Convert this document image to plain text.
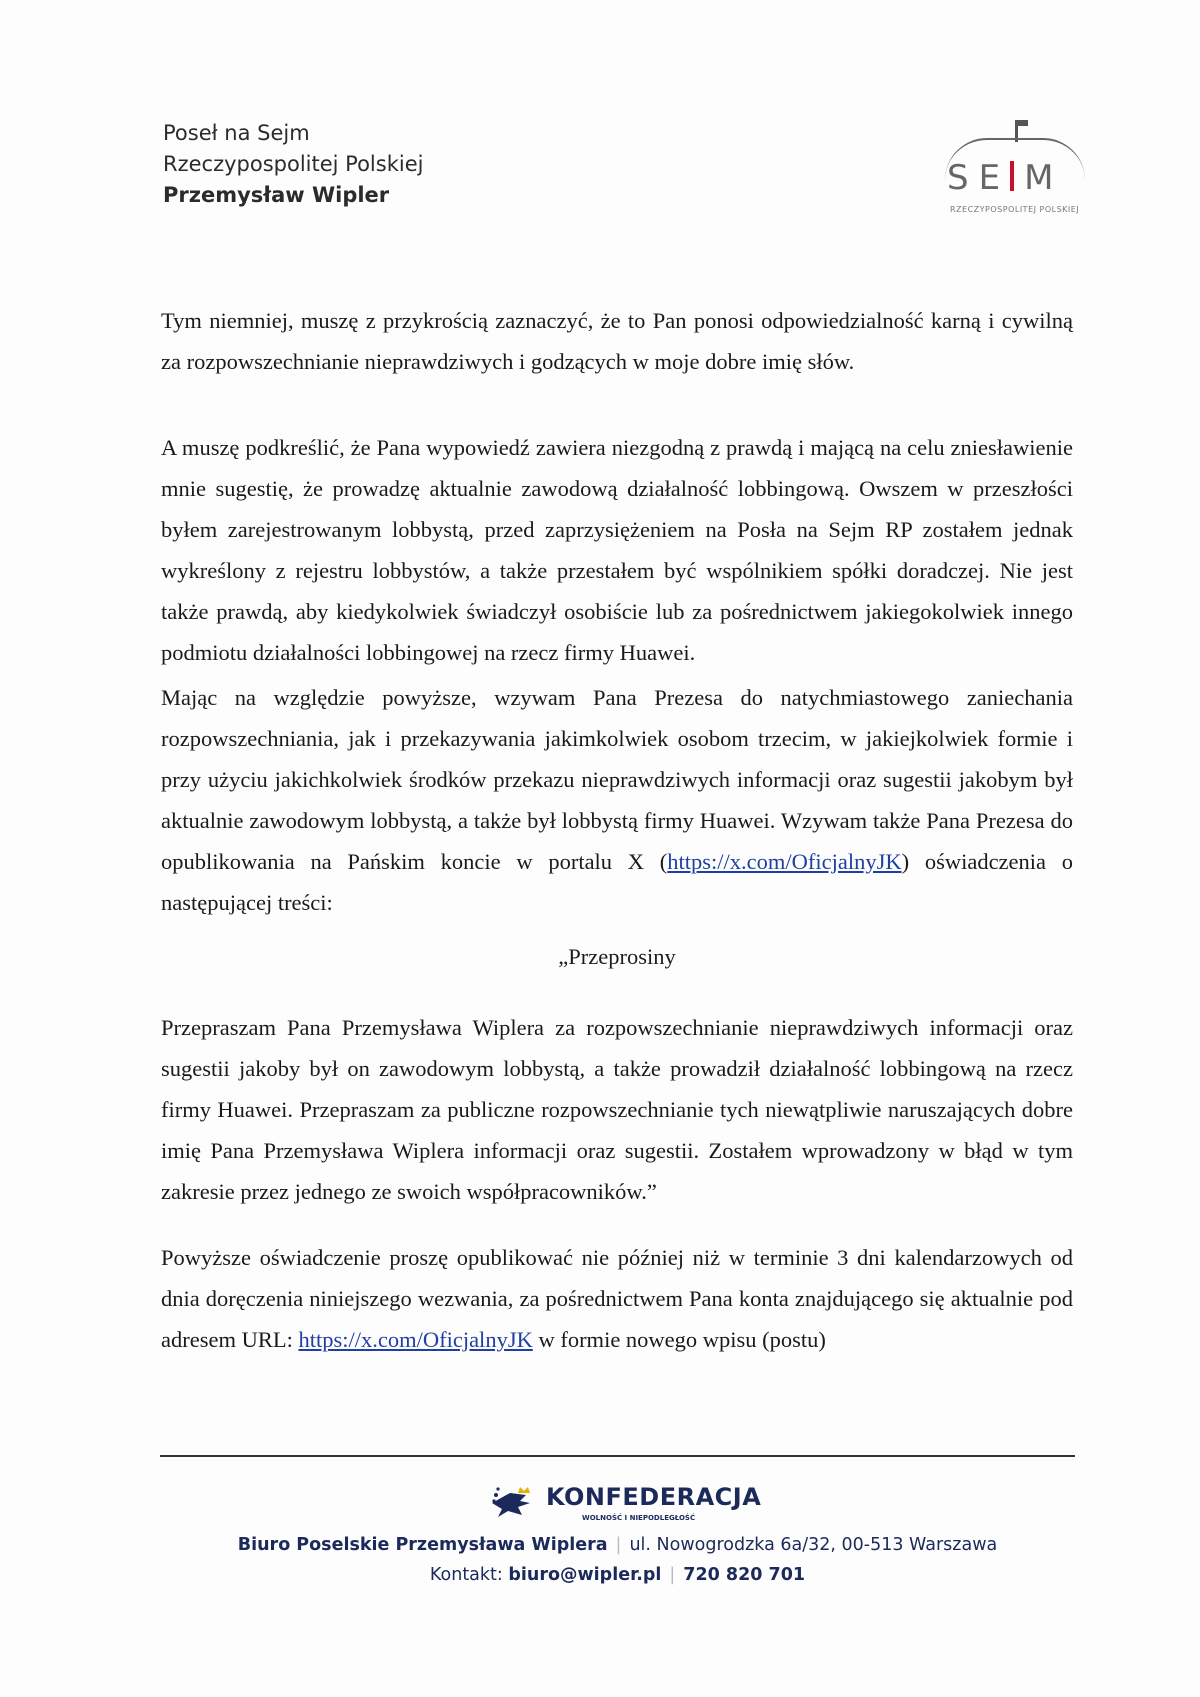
Poseł na Sejm
Rzeczypospolitej Polskiej
Przemysław Wipler	SE M
RZECZYPOSPOLITEJ POLSKIEJ

Tym niemniej, muszę z przykrością zaznaczyć, że to Pan ponosi odpowiedzialność karną i cywilną za rozpowszechnianie nieprawdziwych i godzących w moje dobre imię słów.

A muszę podkreślić, że Pana wypowiedź zawiera niezgodną z prawdą i mającą na celu zniesławienie mnie sugestię, że prowadzę aktualnie zawodową działalność lobbingową. Owszem w przeszłości byłem zarejestrowanym lobbystą, przed zaprzysiężeniem na Posła na Sejm RP zostałem jednak wykreślony z rejestru lobbystów, a także przestałem być wspólnikiem spółki doradczej. Nie jest także prawdą, aby kiedykolwiek świadczył osobiście lub za pośrednictwem jakiegokolwiek innego podmiotu działalności lobbingowej na rzecz firmy Huawei.

Mając na względzie powyższe, wzywam Pana Prezesa do natychmiastowego zaniechania rozpowszechniania, jak i przekazywania jakimkolwiek osobom trzecim, w jakiejkolwiek formie i przy użyciu jakichkolwiek środków przekazu nieprawdziwych informacji oraz sugestii jakobym był aktualnie zawodowym lobbystą, a także był lobbystą firmy Huawei. Wzywam także Pana Prezesa do opublikowania na Pańskim koncie w portalu X (https://x.com/OficjalnyJK) oświadczenia o następującej treści:

„Przeprosiny

Przepraszam Pana Przemysława Wiplera za rozpowszechnianie nieprawdziwych informacji oraz sugestii jakoby był on zawodowym lobbystą, a także prowadził działalność lobbingową na rzecz firmy Huawei. Przepraszam za publiczne rozpowszechnianie tych niewątpliwie naruszających dobre imię Pana Przemysława Wiplera informacji oraz sugestii. Zostałem wprowadzony w błąd w tym zakresie przez jednego ze swoich współpracowników.”

Powyższe oświadczenie proszę opublikować nie później niż w terminie 3 dni kalendarzowych od dnia doręczenia niniejszego wezwania, za pośrednictwem Pana konta znajdującego się aktualnie pod adresem URL: https://x.com/OficjalnyJK w formie nowego wpisu (postu)

KONFEDERACJA
WOLNOŚĆ I NIEPODLEGŁOŚĆ
Biuro Poselskie Przemysława Wiplera | ul. Nowogrodzka 6a/32, 00-513 Warszawa
Kontakt: biuro@wipler.pl | 720 820 701
